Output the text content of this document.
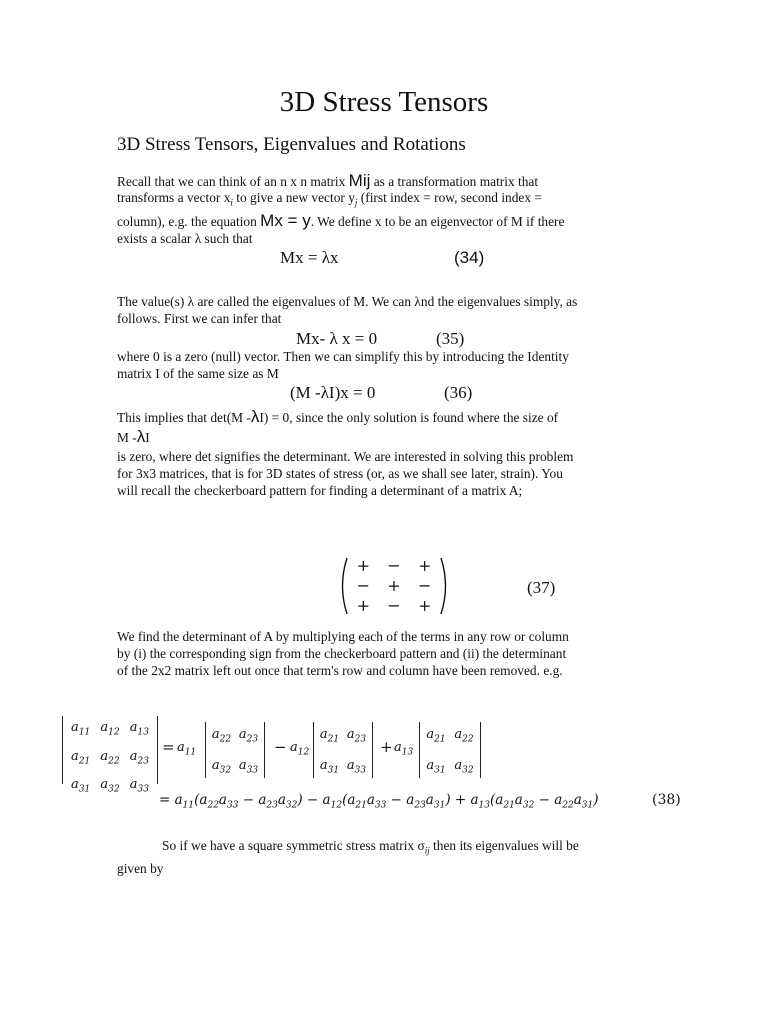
3D Stress Tensors
3D Stress Tensors, Eigenvalues and Rotations
Recall that we can think of an n x n matrix Mij as a transformation matrix that
transforms a vector $x_i$ to give a new vector $y_j$ (first index = row, second index =
column), e.g. the equation Mx = y. We define x to be an eigenvector of M if there
exists a scalar λ such that
Mx = λx	(34)
The value(s) λ are called the eigenvalues of M. We can λnd the eigenvalues simply, as
follows. First we can infer that
Mx- λ x = 0	(35)
where 0 is a zero (null) vector. Then we can simplify this by introducing the Identity
matrix I of the same size as M
(M -λI)x = 0	(36)
This implies that det(M -λI) = 0, since the only solution is found where the size of
M -λI
is zero, where det signifies the determinant. We are interested in solving this problem
for 3x3 matrices, that is for 3D states of stress (or, as we shall see later, strain). You
will recall the checkerboard pattern for finding a determinant of a matrix A;
+	−	+
−	+	−
+	−	+
(37)
We find the determinant of A by multiplying each of the terms in any row or column
by (i) the corresponding sign from the checkerboard pattern and (ii) the determinant
of the 2x2 matrix left out once that term's row and column have been removed. e.g.
$a_{11}$ $a_{12}$ $a_{13}$
$a_{21}$ $a_{22}$ $a_{23}$
$a_{31}$ $a_{32}$ $a_{33}$
= $a_{11}$
$a_{22}$ $a_{23}$
$a_{32}$ $a_{33}$
− $a_{12}$
$a_{21}$ $a_{23}$
$a_{31}$ $a_{33}$
+ $a_{13}$
$a_{21}$ $a_{22}$
$a_{31}$ $a_{32}$
= $a_{11}(a_{22}a_{33} - a_{23}a_{32}) - a_{12}(a_{21}a_{33} - a_{23}a_{31}) + a_{13}(a_{21}a_{32} - a_{22}a_{31})$	(38)
So if we have a square symmetric stress matrix $\sigma_{ij}$ then its eigenvalues will be
given by
